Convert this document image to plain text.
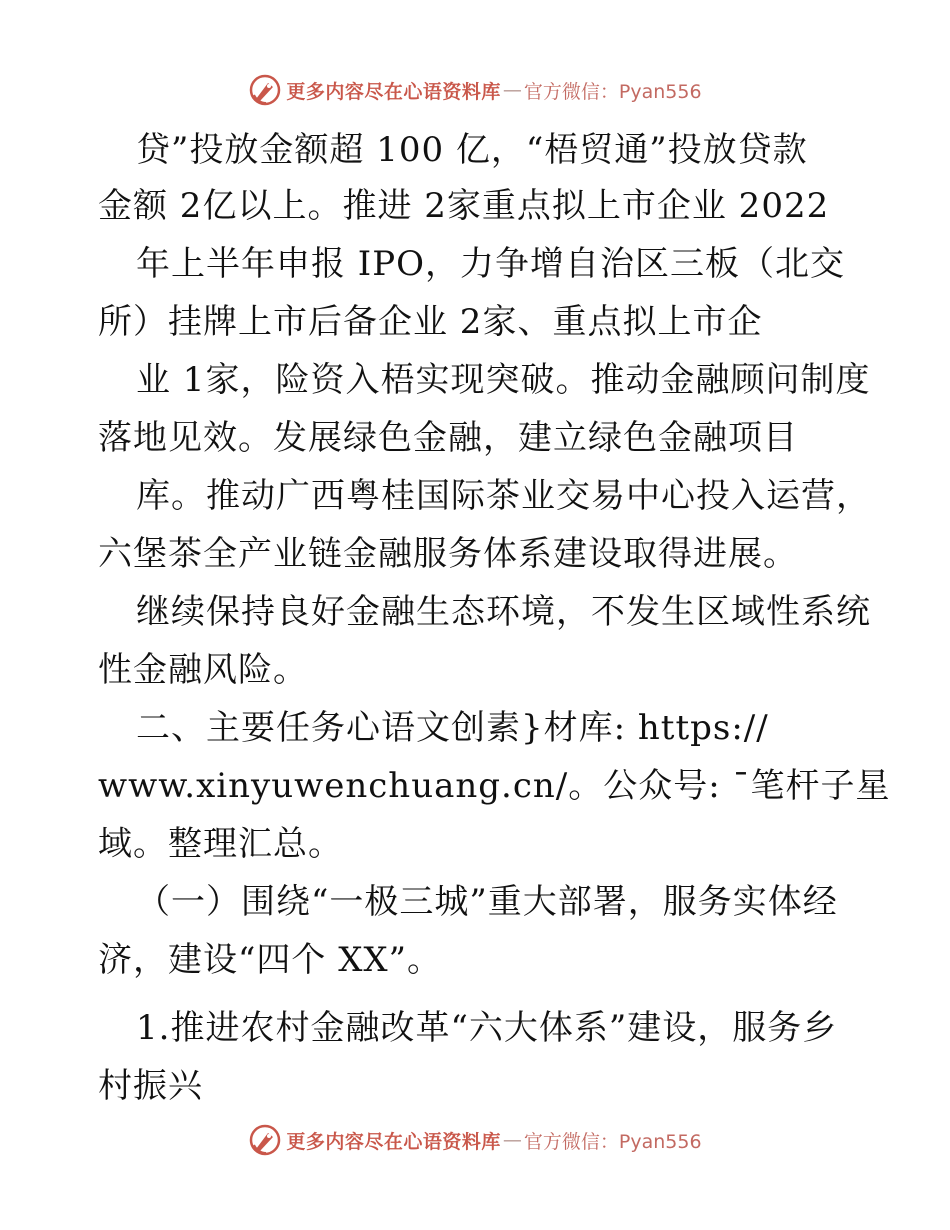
更多内容尽在心语资料库 — 官方微信：Pyan556
贷”投放金额超 100 亿，“梧贸通”投放贷款
金额 2亿以上。推进 2家重点拟上市企业 2022
年上半年申报 IPO，力争增自治区三板（北交
所）挂牌上市后备企业 2家、重点拟上市企
业 1家，险资入梧实现突破。推动金融顾问制度
落地见效。发展绿色金融，建立绿色金融项目
库。推动广西粤桂国际茶业交易中心投入运营，
六堡茶全产业链金融服务体系建设取得进展。
继续保持良好金融生态环境，不发生区域性系统
性金融风险。
二、主要任务心语文创素}材库: https://
www.xinyuwenchuang.cn/。公众号: ¯笔杆子星
域。整理汇总。
（一）围绕“一极三城”重大部署，服务实体经
济，建设“四个 XX”。
1.推进农村金融改革“六大体系”建设，服务乡
村振兴
更多内容尽在心语资料库 — 官方微信：Pyan556
